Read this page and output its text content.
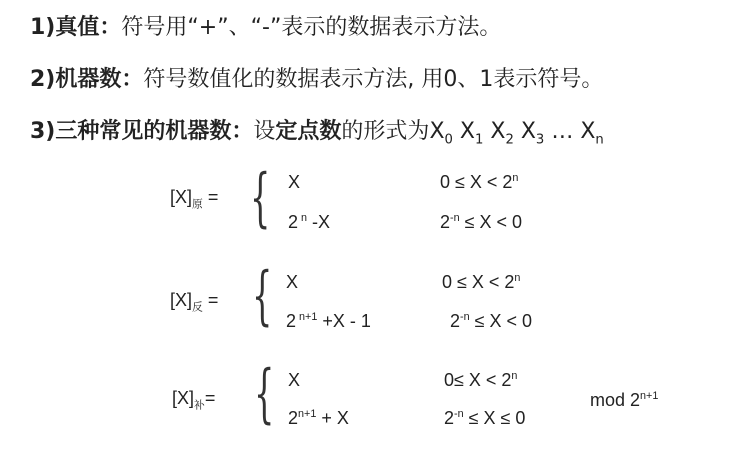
1)真值：符号用“+”、“-”表示的数据表示方法。
2)机器数：符号数值化的数据表示方法, 用0、1表示符号。
3)三种常见的机器数：设定点数的形式为$X_0$ $X_1$ $X_2$ $X_3$ … $X_n$
$[X]_原$ = { X	$0 \le X < 2^n$
2 $^n$ -X	$2^{-n} \le X < 0$
$[X]_反$ = { X	$0 \le X < 2^n$
2 $^{n+1}$ +X - 1	$2^{-n} \le X < 0$
$[X]_补=$ { X	$0\le X < 2^n$
$2^{n+1} + X$	$2^{-n} \le X \le 0$
mod $2^{n+1}$
